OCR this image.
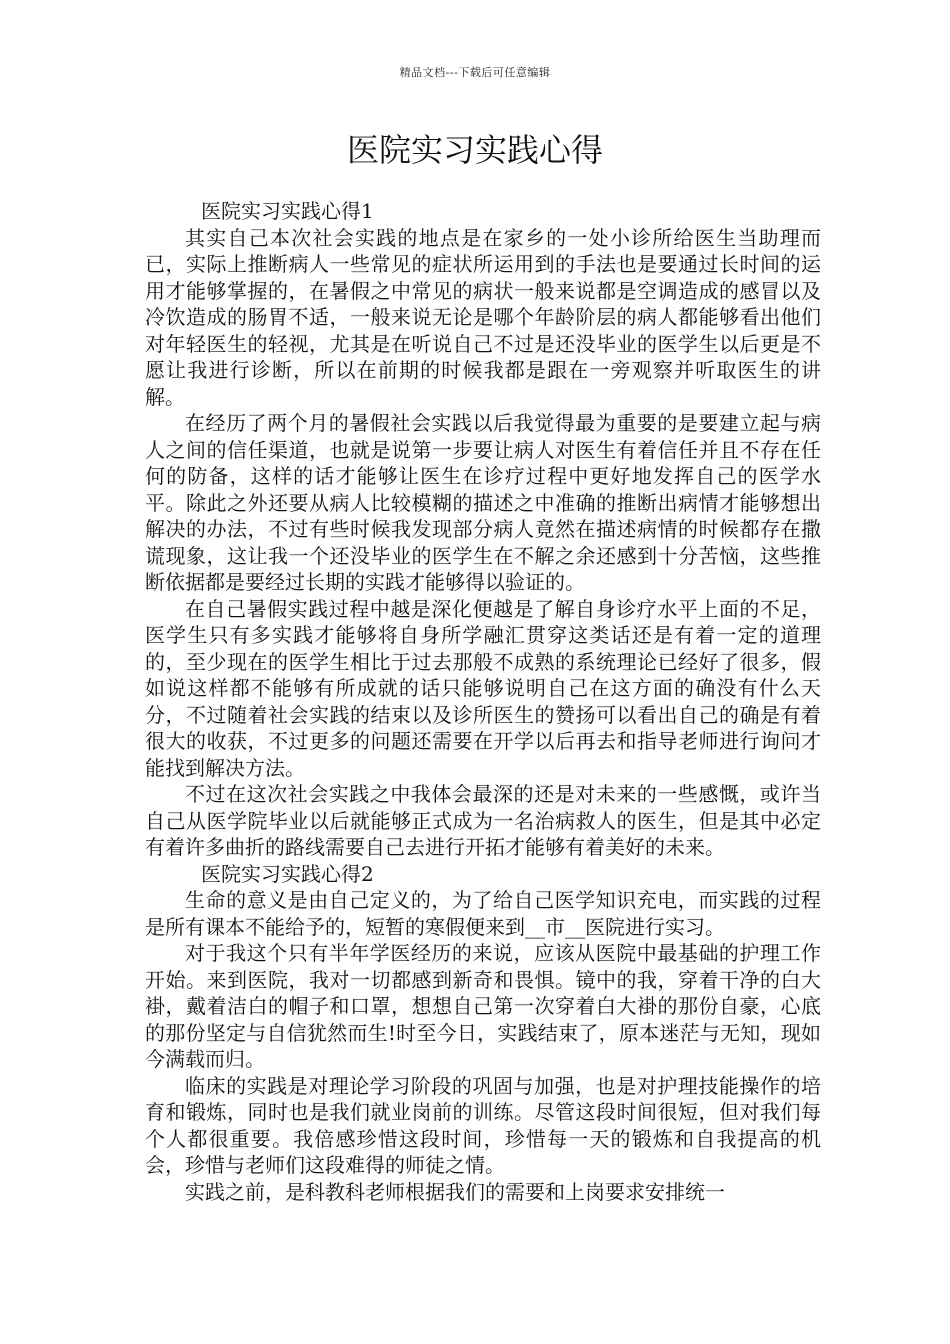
精品文档---下载后可任意编辑
医院实习实践心得

医院实习实践心得1

其实自己本次社会实践的地点是在家乡的一处小诊所给医生当助理而已，实际上推断病人一些常见的症状所运用到的手法也是要通过长时间的运用才能够掌握的，在暑假之中常见的病状一般来说都是空调造成的感冒以及冷饮造成的肠胃不适，一般来说无论是哪个年龄阶层的病人都能够看出他们对年轻医生的轻视，尤其是在听说自己不过是还没毕业的医学生以后更是不愿让我进行诊断，所以在前期的时候我都是跟在一旁观察并听取医生的讲解。

在经历了两个月的暑假社会实践以后我觉得最为重要的是要建立起与病人之间的信任渠道，也就是说第一步要让病人对医生有着信任并且不存在任何的防备，这样的话才能够让医生在诊疗过程中更好地发挥自己的医学水平。除此之外还要从病人比较模糊的描述之中准确的推断出病情才能够想出解决的办法，不过有些时候我发现部分病人竟然在描述病情的时候都存在撒谎现象，这让我一个还没毕业的医学生在不解之余还感到十分苦恼，这些推断依据都是要经过长期的实践才能够得以验证的。

在自己暑假实践过程中越是深化便越是了解自身诊疗水平上面的不足，医学生只有多实践才能够将自身所学融汇贯穿这类话还是有着一定的道理的，至少现在的医学生相比于过去那般不成熟的系统理论已经好了很多，假如说这样都不能够有所成就的话只能够说明自己在这方面的确没有什么天分，不过随着社会实践的结束以及诊所医生的赞扬可以看出自己的确是有着很大的收获，不过更多的问题还需要在开学以后再去和指导老师进行询问才能找到解决方法。

不过在这次社会实践之中我体会最深的还是对未来的一些感慨，或许当自己从医学院毕业以后就能够正式成为一名治病救人的医生，但是其中必定有着许多曲折的路线需要自己去进行开拓才能够有着美好的未来。

医院实习实践心得2

生命的意义是由自己定义的，为了给自己医学知识充电，而实践的过程是所有课本不能给予的，短暂的寒假便来到__市__医院进行实习。

对于我这个只有半年学医经历的来说，应该从医院中最基础的护理工作开始。来到医院，我对一切都感到新奇和畏惧。镜中的我，穿着干净的白大褂，戴着洁白的帽子和口罩，想想自己第一次穿着白大褂的那份自豪，心底的那份坚定与自信犹然而生!时至今日，实践结束了，原本迷茫与无知，现如今满载而归。

临床的实践是对理论学习阶段的巩固与加强，也是对护理技能操作的培育和锻炼，同时也是我们就业岗前的训练。尽管这段时间很短，但对我们每个人都很重要。我倍感珍惜这段时间，珍惜每一天的锻炼和自我提高的机会，珍惜与老师们这段难得的师徒之情。

实践之前，是科教科老师根据我们的需要和上岗要求安排统一
